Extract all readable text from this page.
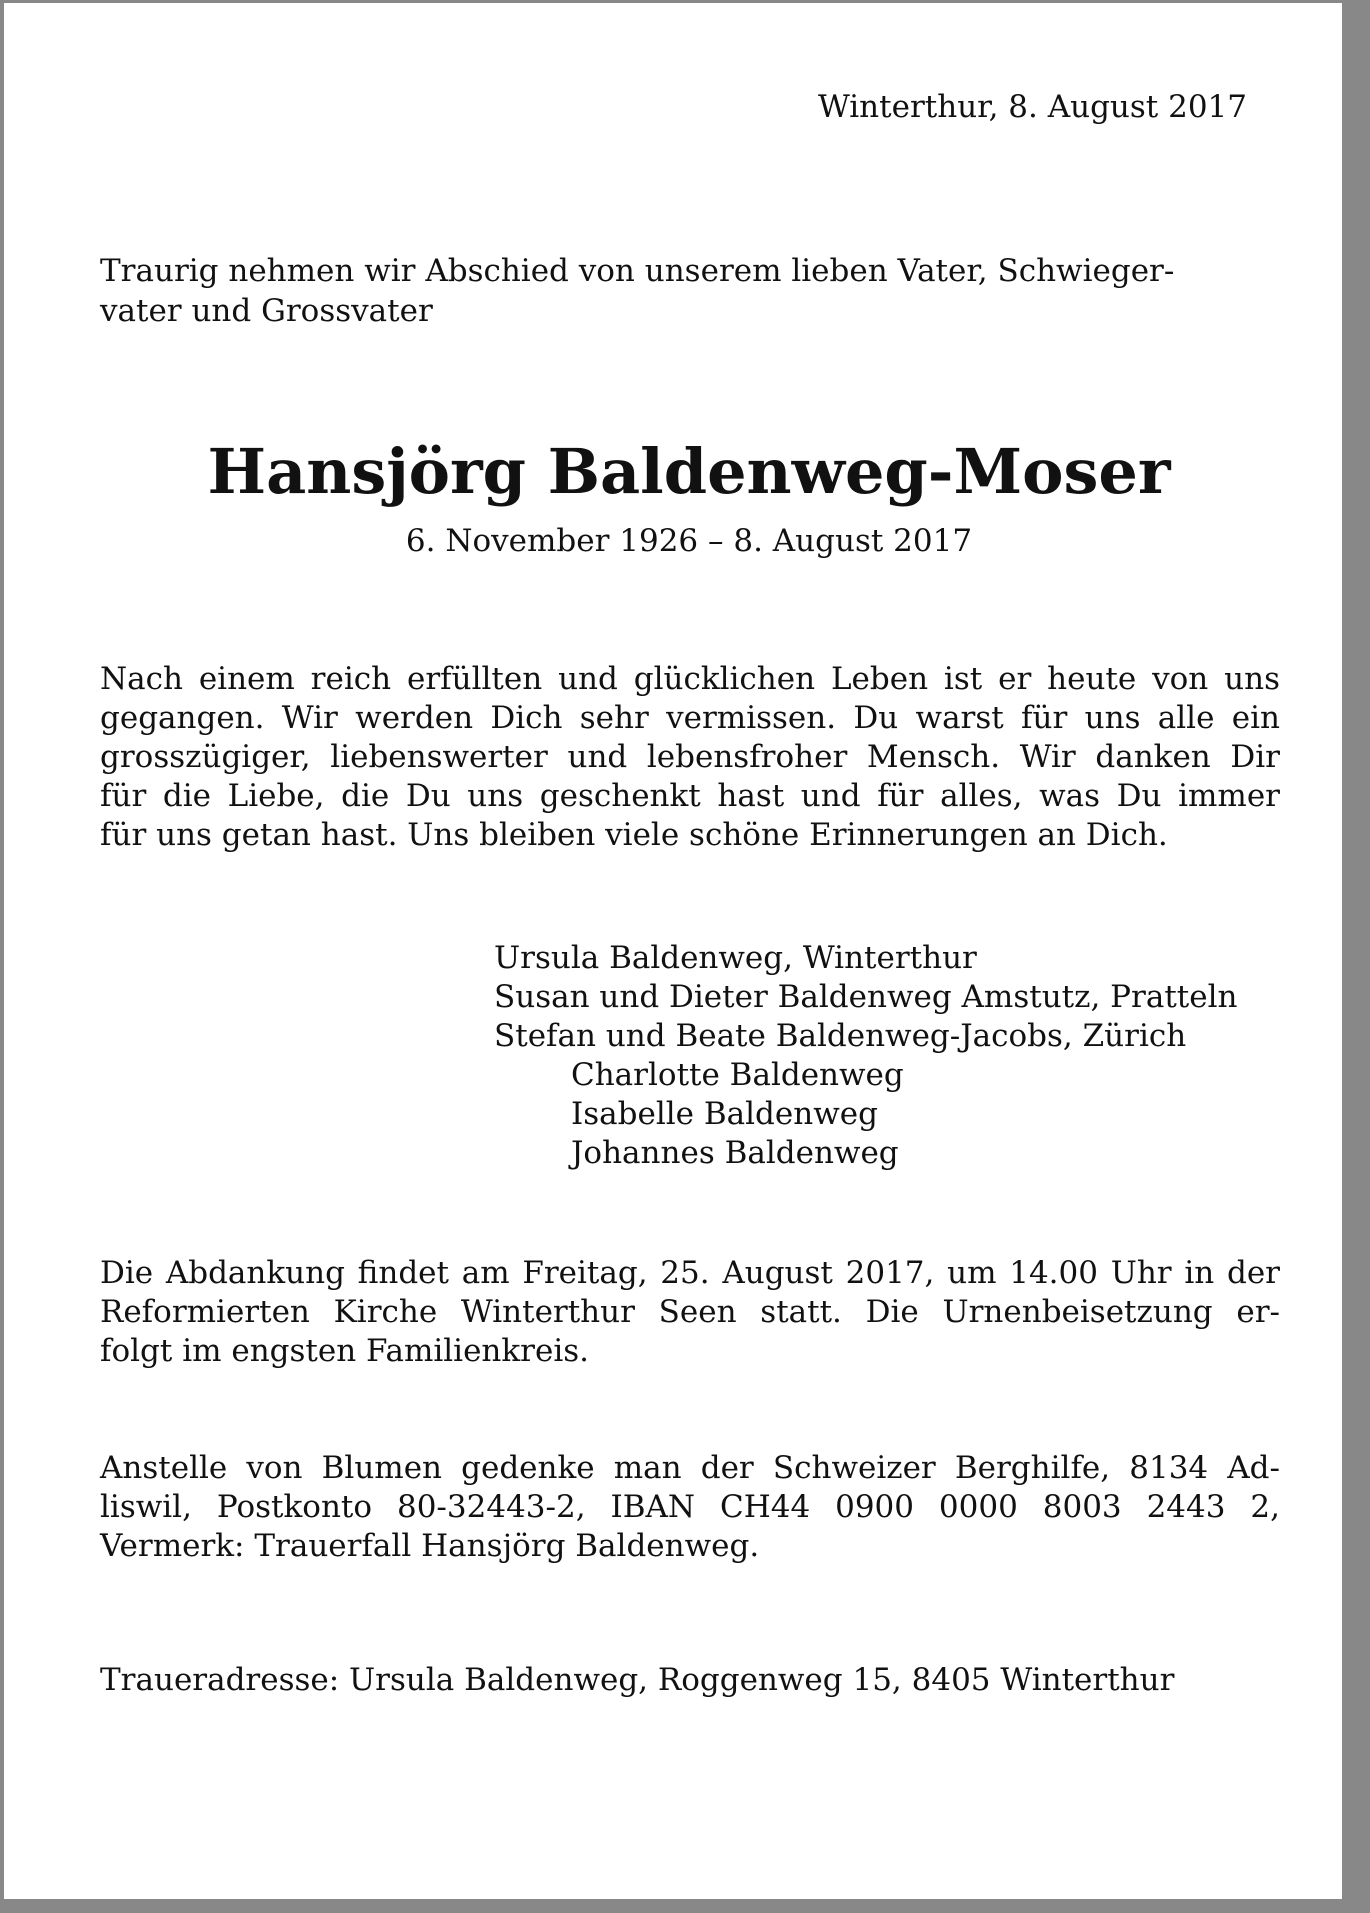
Winterthur, 8. August 2017
Traurig nehmen wir Abschied von unserem lieben Vater, Schwieger-
vater und Grossvater
Hansjörg Baldenweg-Moser
6. November 1926 – 8. August 2017
Nach einem reich erfüllten und glücklichen Leben ist er heute von uns
gegangen. Wir werden Dich sehr vermissen. Du warst für uns alle ein
grosszügiger, liebenswerter und lebensfroher Mensch. Wir danken Dir
für die Liebe, die Du uns geschenkt hast und für alles, was Du immer
für uns getan hast. Uns bleiben viele schöne Erinnerungen an Dich.
Ursula Baldenweg, Winterthur
Susan und Dieter Baldenweg Amstutz, Pratteln
Stefan und Beate Baldenweg-Jacobs, Zürich
Charlotte Baldenweg
Isabelle Baldenweg
Johannes Baldenweg
Die Abdankung findet am Freitag, 25. August 2017, um 14.00 Uhr in der
Reformierten Kirche Winterthur Seen statt. Die Urnenbeisetzung er-
folgt im engsten Familienkreis.
Anstelle von Blumen gedenke man der Schweizer Berghilfe, 8134 Ad-
liswil, Postkonto 80-32443-2, IBAN CH44 0900 0000 8003 2443 2,
Vermerk: Trauerfall Hansjörg Baldenweg.
Traueradresse: Ursula Baldenweg, Roggenweg 15, 8405 Winterthur
